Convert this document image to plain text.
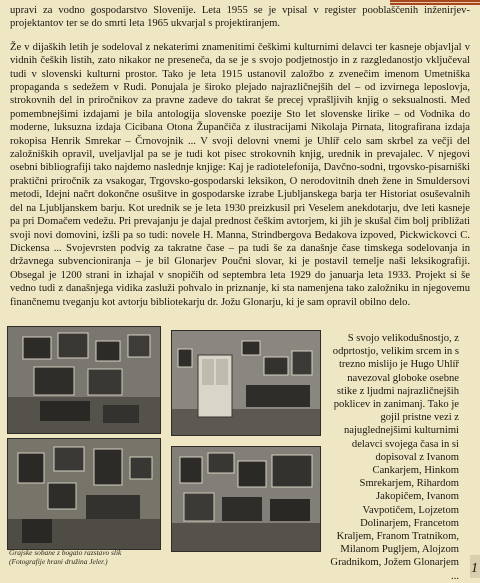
upravi za vodno gospodarstvo Slovenije. Leta 1955 se je vpisal v register pooblaščenih inženirjev-projektantov ter se do smrti leta 1965 ukvarjal s projektiranjem.

Že v dijaških letih je sodeloval z nekaterimi znamenitimi češkimi kulturnimi delavci ter kasneje objavljal v vidnih čeških listih, zato nikakor ne preseneča, da se je s svojo podjetnostjo in z razgledanostjo vključeval tudi v slovenski kulturni prostor. Tako je leta 1915 ustanovil založbo z zvenečim imenom Umetniška propaganda s sedežem v Rudi. Ponujala je široko plejado najrazličnejših del – od izvirnega leposlovja, strokovnih del in priročnikov za pravne zadeve do takrat še precej vprašljivih knjig o seksualnosti. Med pomembnejšimi izdajami je bila antologija slovenske poezije Sto let slovenske lirike – od Vodnika do moderne, luksuzna izdaja Cicibana Otona Župančiča z ilustracijami Nikolaja Pirnata, litografirana izdaja rokopisa Henrik Smrekar – Črnovojnik ... V svoji delovni vnemi je Uhlíř celo sam skrbel za večji del založniških opravil, uveljavljal pa se je tudi kot pisec strokovnih knjig, urednik in prevajalec. V njegovi osebni bibliografiji tako najdemo naslednje knjige: Kaj je radiotelefonija, Davčno-sodni, trgovsko-pisarniški praktični priročnik za vsakogar, Trgovsko-gospodarski leksikon, O nerodovitnih dneh žene in Smuldersovi metodi, Idejni načrt dokončne osušitve in gospodarske izrabe Ljubljanskega barja ter Historiat osuševalnih del na Ljubljanskem barju. Kot urednik se je leta 1930 preizkusil pri Veselem anekdotarju, dve leti kasneje pa pri Domačem vedežu. Pri prevajanju je dajal prednost češkim avtorjem, ki jih je skušal čim bolj približati svoji novi domovini, izšli pa so tudi: novele H. Manna, Strindbergova Bedakova izpoved, Pickwickovci C. Dickensa ... Svojevrsten podvig za takratne čase – pa tudi še za današnje čase timskega sodelovanja in državnega subvencioniranja – je bil Glonarjev Poučni slovar, ki je postavil temelje naši leksikografiji. Obsegal je 1200 strani in izhajal v snopičih od septembra leta 1929 do januarja leta 1933. Projekt si še vedno tudi z današnjega vidika zasluži pohvalo in priznanje, ki sta namenjena tako založniku in njegovemu finančnemu tveganju kot avtorju bibliotekarju dr. Jožu Glonarju, ki je sam opravil obilno delo.

Grajske sobane z bogato razstavo slik
(Fotografije hrani družina Jeler.)
S svojo velikodušnostjo, z odprtostjo, velikim srcem in s trezno mislijo je Hugo Uhlíř navezoval globoke osebne stike z ljudmi najrazličnejših poklicev in zanimanj. Tako je gojil pristne vezi z najuglednejšimi kulturnimi delavci svojega časa in si dopisoval z Ivanom Cankarjem, Hinkom Smrekarjem, Rihardom Jakopičem, Ivanom Vavpotičem, Lojzetom Dolinarjem, Francetom Kraljem, Franom Tratnikom, Milanom Pugljem, Alojzom Gradnikom, Jožem Glonarjem ...
1
